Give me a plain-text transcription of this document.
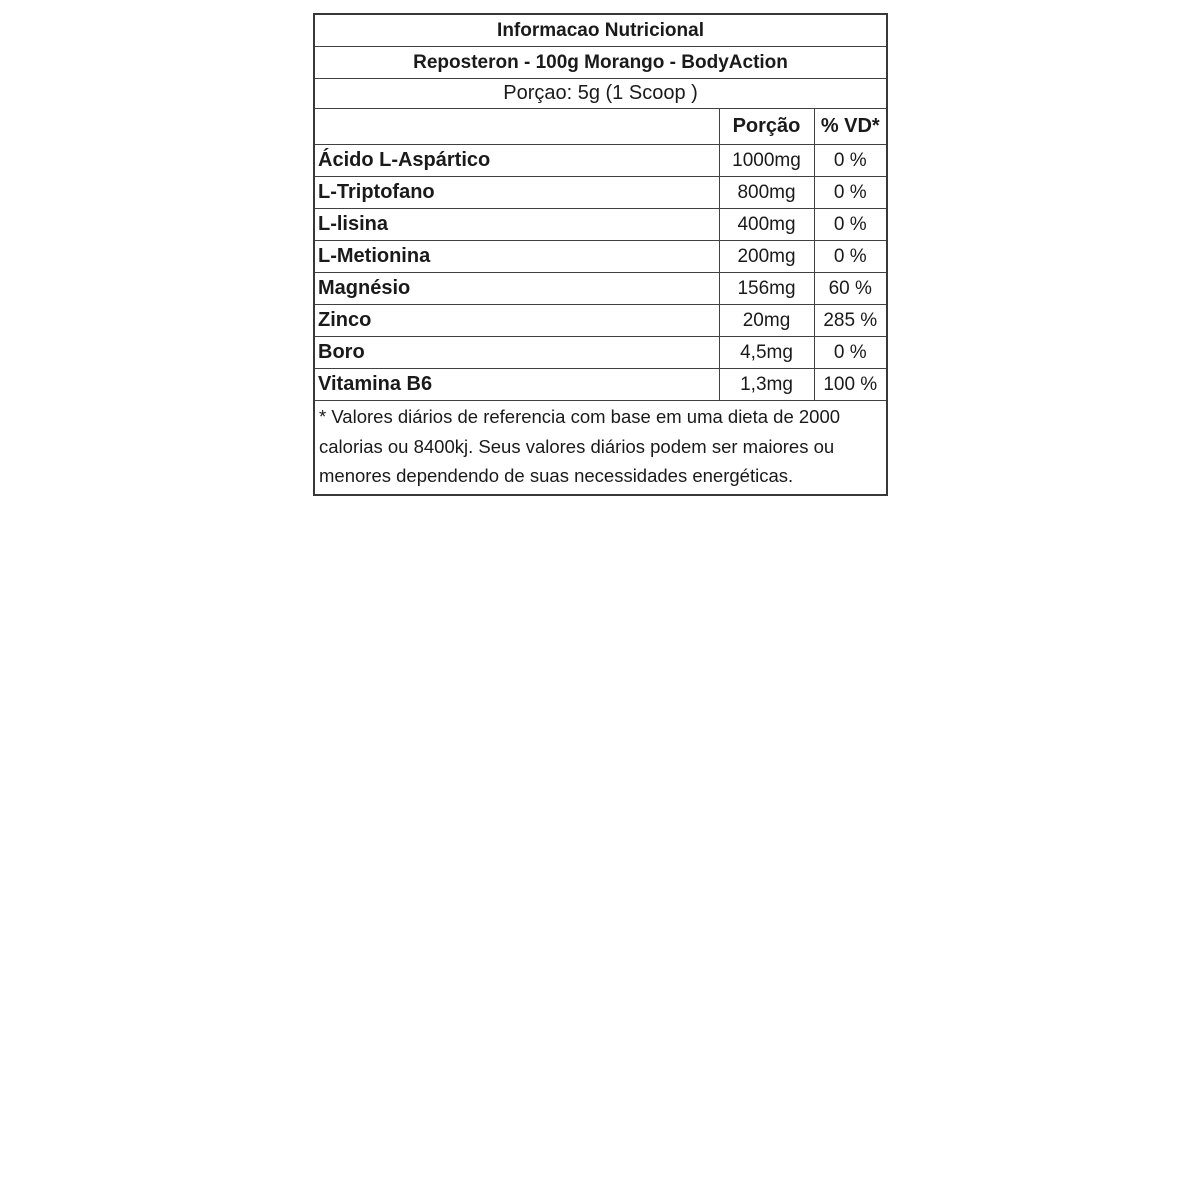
Informacao Nutricional		
Reposteron - 100g Morango - BodyAction		
Porçao: 5g (1 Scoop )		
	Porção	% VD*
Ácido L-Aspártico	1000mg	0 %
L-Triptofano	800mg	0 %
L-lisina	400mg	0 %
L-Metionina	200mg	0 %
Magnésio	156mg	60 %
Zinco	20mg	285 %
Boro	4,5mg	0 %
Vitamina B6	1,3mg	100 %

* Valores diários de referencia com base em uma dieta de 2000
calorias ou 8400kj. Seus valores diários podem ser maiores ou
menores dependendo de suas necessidades energéticas.		
